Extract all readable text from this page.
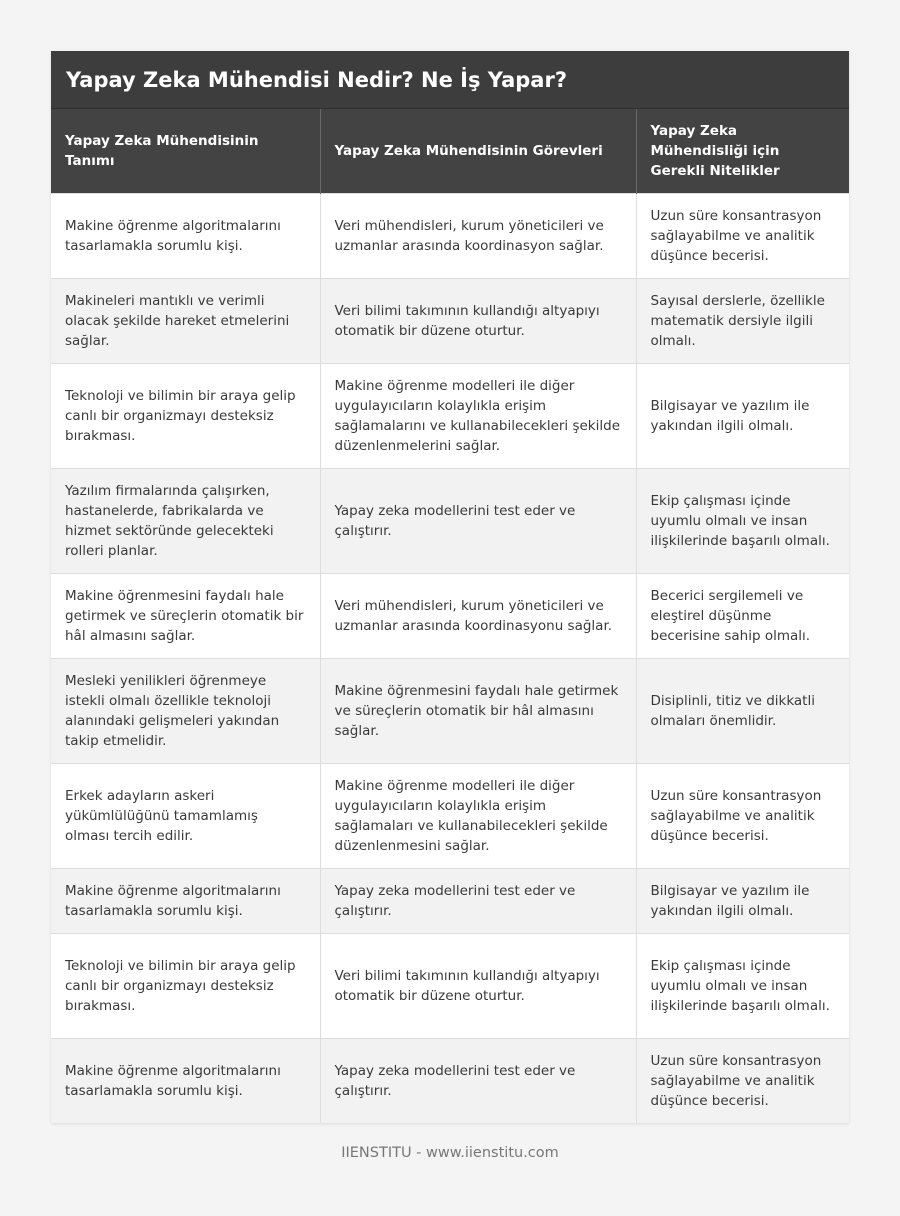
Yapay Zeka Mühendisi Nedir? Ne İş Yapar?
Yapay Zeka Mühendisinin Tanımı	Yapay Zeka Mühendisinin Görevleri	Yapay Zeka Mühendisliği için Gerekli Nitelikler
Makine öğrenme algoritmalarını tasarlamakla sorumlu kişi.	Veri mühendisleri, kurum yöneticileri ve uzmanlar arasında koordinasyon sağlar.	Uzun süre konsantrasyon sağlayabilme ve analitik düşünce becerisi.
Makineleri mantıklı ve verimli olacak şekilde hareket etmelerini sağlar.	Veri bilimi takımının kullandığı altyapıyı otomatik bir düzene oturtur.	Sayısal derslerle, özellikle matematik dersiyle ilgili olmalı.
Teknoloji ve bilimin bir araya gelip canlı bir organizmayı desteksiz bırakması.	Makine öğrenme modelleri ile diğer uygulayıcıların kolaylıkla erişim sağlamalarını ve kullanabilecekleri şekilde düzenlenmelerini sağlar.	Bilgisayar ve yazılım ile yakından ilgili olmalı.
Yazılım firmalarında çalışırken, hastanelerde, fabrikalarda ve hizmet sektöründe gelecekteki rolleri planlar.	Yapay zeka modellerini test eder ve çalıştırır.	Ekip çalışması içinde uyumlu olmalı ve insan ilişkilerinde başarılı olmalı.
Makine öğrenmesini faydalı hale getirmek ve süreçlerin otomatik bir hâl almasını sağlar.	Veri mühendisleri, kurum yöneticileri ve uzmanlar arasında koordinasyonu sağlar.	Becerici sergilemeli ve eleştirel düşünme becerisine sahip olmalı.
Mesleki yenilikleri öğrenmeye istekli olmalı özellikle teknoloji alanındaki gelişmeleri yakından takip etmelidir.	Makine öğrenmesini faydalı hale getirmek ve süreçlerin otomatik bir hâl almasını sağlar.	Disiplinli, titiz ve dikkatli olmaları önemlidir.
Erkek adayların askeri yükümlülüğünü tamamlamış olması tercih edilir.	Makine öğrenme modelleri ile diğer uygulayıcıların kolaylıkla erişim sağlamaları ve kullanabilecekleri şekilde düzenlenmesini sağlar.	Uzun süre konsantrasyon sağlayabilme ve analitik düşünce becerisi.
Makine öğrenme algoritmalarını tasarlamakla sorumlu kişi.	Yapay zeka modellerini test eder ve çalıştırır.	Bilgisayar ve yazılım ile yakından ilgili olmalı.
Teknoloji ve bilimin bir araya gelip canlı bir organizmayı desteksiz bırakması.	Veri bilimi takımının kullandığı altyapıyı otomatik bir düzene oturtur.	Ekip çalışması içinde uyumlu olmalı ve insan ilişkilerinde başarılı olmalı.
Makine öğrenme algoritmalarını tasarlamakla sorumlu kişi.	Yapay zeka modellerini test eder ve çalıştırır.	Uzun süre konsantrasyon sağlayabilme ve analitik düşünce becerisi.
IIENSTITU - www.iienstitu.com
